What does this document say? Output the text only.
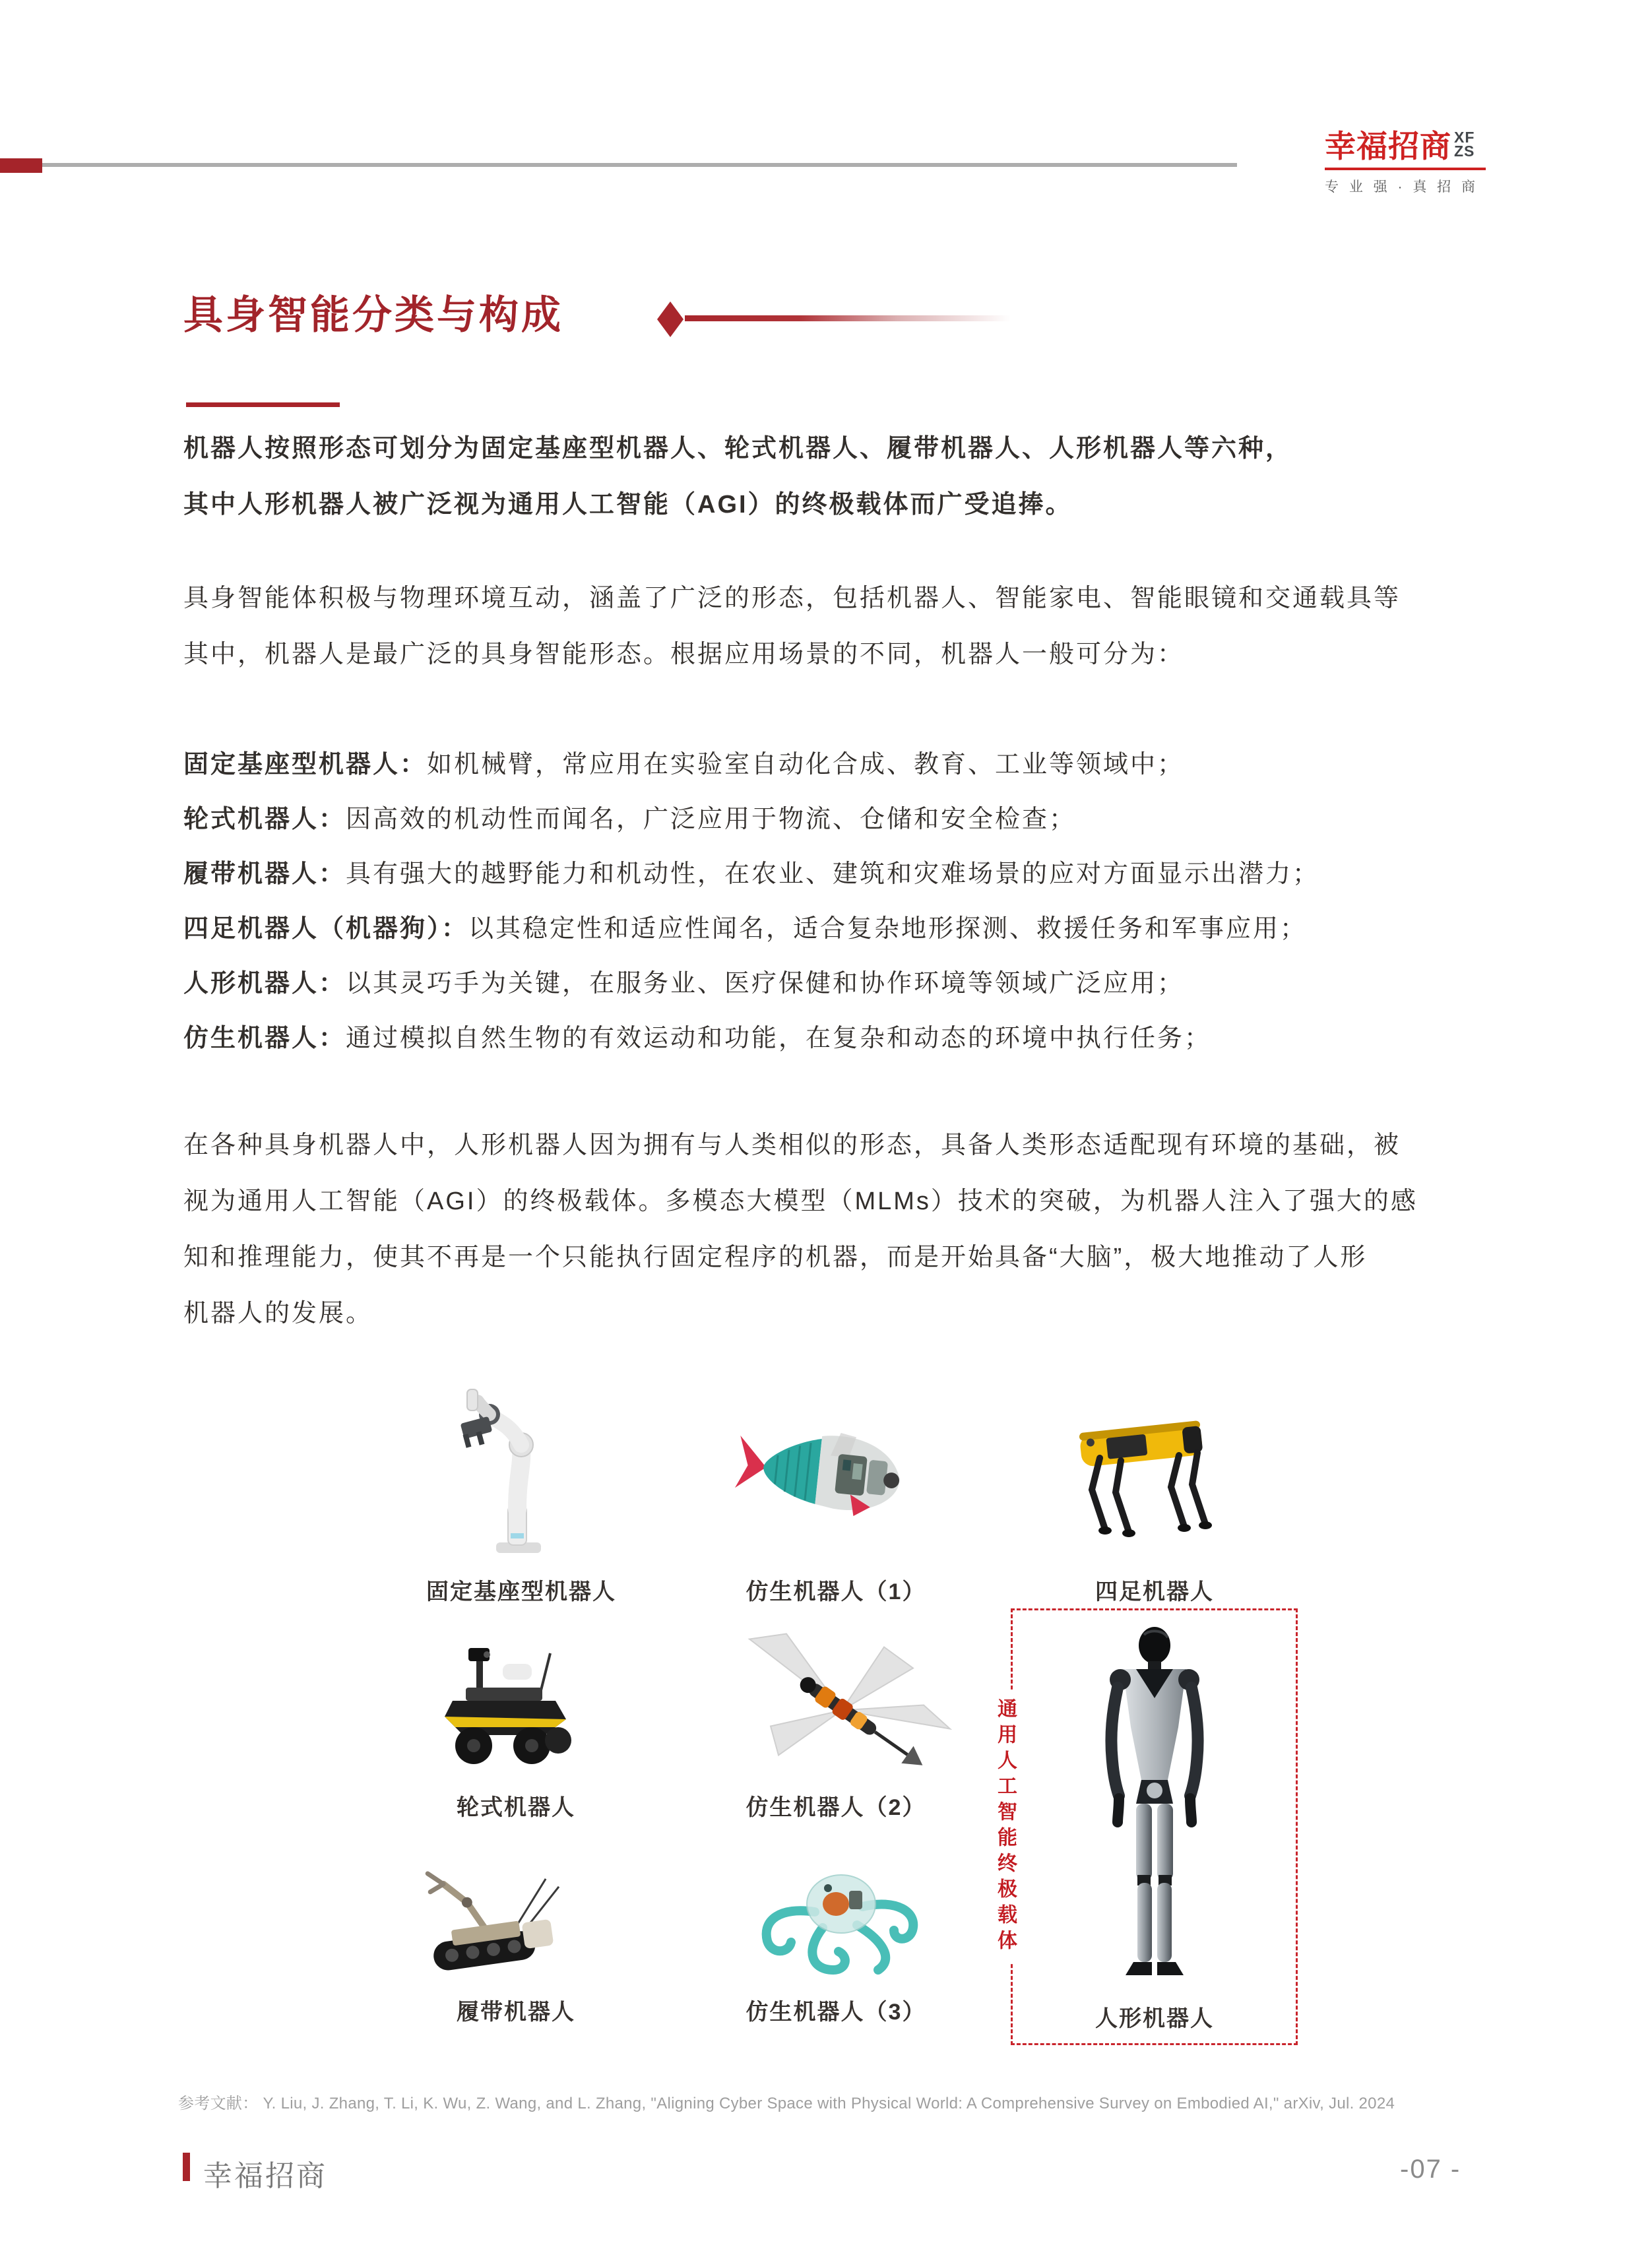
幸福招商 XF
ZS
专 业 强 · 真 招 商
具身智能分类与构成
机器人按照形态可划分为固定基座型机器人、轮式机器人、履带机器人、人形机器人等六种，
其中人形机器人被广泛视为通用人工智能（AGI）的终极载体而广受追捧。
具身智能体积极与物理环境互动，涵盖了广泛的形态，包括机器人、智能家电、智能眼镜和交通载具等
其中，机器人是最广泛的具身智能形态。根据应用场景的不同，机器人一般可分为：
固定基座型机器人：如机械臂，常应用在实验室自动化合成、教育、工业等领域中；
轮式机器人：因高效的机动性而闻名，广泛应用于物流、仓储和安全检查；
履带机器人：具有强大的越野能力和机动性，在农业、建筑和灾难场景的应对方面显示出潜力；
四足机器人（机器狗）：以其稳定性和适应性闻名，适合复杂地形探测、救援任务和军事应用；
人形机器人：以其灵巧手为关键，在服务业、医疗保健和协作环境等领域广泛应用；
仿生机器人：通过模拟自然生物的有效运动和功能，在复杂和动态的环境中执行任务；
在各种具身机器人中，人形机器人因为拥有与人类相似的形态，具备人类形态适配现有环境的基础，被
视为通用人工智能（AGI）的终极载体。多模态大模型（MLMs）技术的突破，为机器人注入了强大的感
知和推理能力，使其不再是一个只能执行固定程序的机器，而是开始具备“大脑”，极大地推动了人形
机器人的发展。
固定基座型机器人	仿生机器人（1）	四足机器人
轮式机器人	仿生机器人（2）
履带机器人	仿生机器人（3）
通用人工智能终极载体
人形机器人
参考文献： Y. Liu, J. Zhang, T. Li, K. Wu, Z. Wang, and L. Zhang, "Aligning Cyber Space with Physical World: A Comprehensive Survey on Embodied AI," arXiv, Jul. 2024
幸福招商	-07 -
